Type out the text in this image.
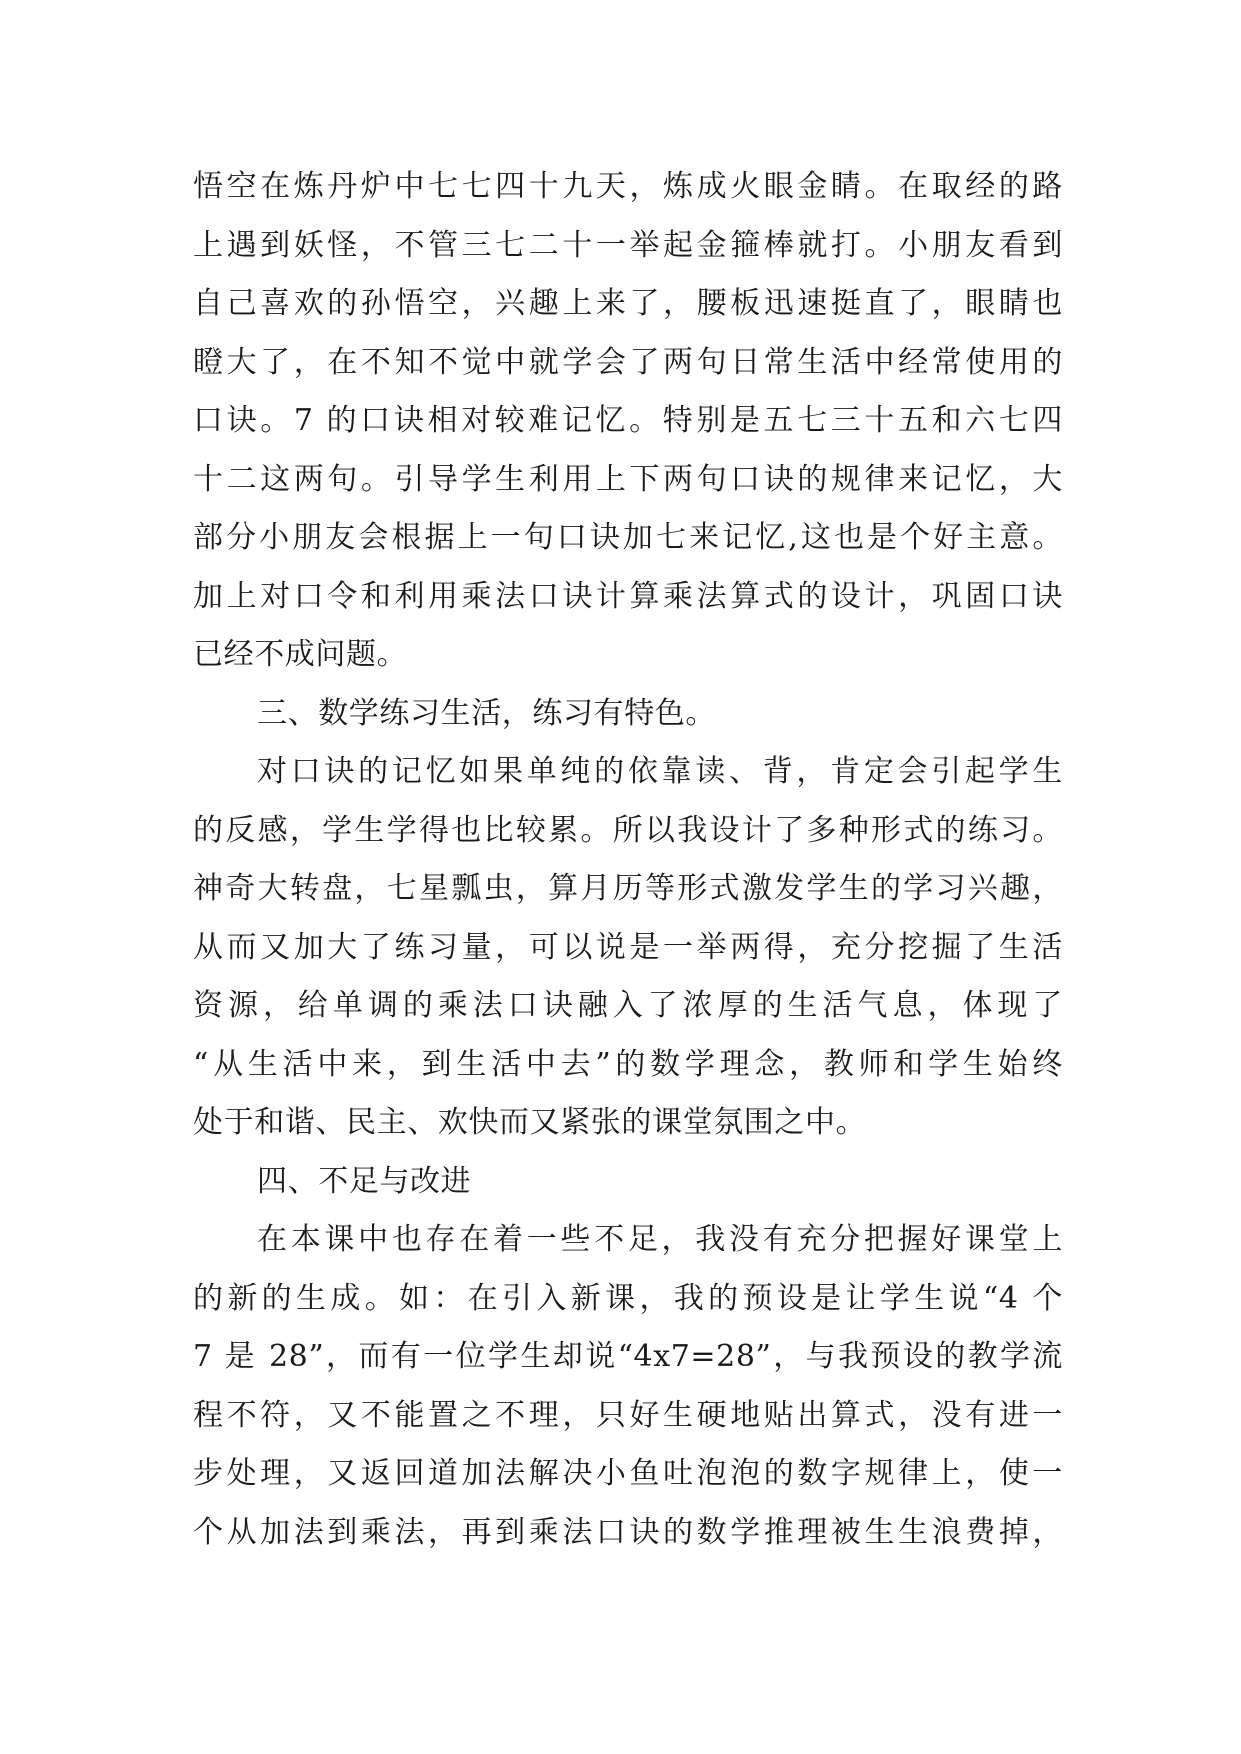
悟空在炼丹炉中七七四十九天，炼成火眼金睛。在取经的路
上遇到妖怪，不管三七二十一举起金箍棒就打。小朋友看到
自己喜欢的孙悟空，兴趣上来了，腰板迅速挺直了，眼睛也
瞪大了，在不知不觉中就学会了两句日常生活中经常使用的
口诀。7 的口诀相对较难记忆。特别是五七三十五和六七四
十二这两句。引导学生利用上下两句口诀的规律来记忆，大
部分小朋友会根据上一句口诀加七来记忆,这也是个好主意。
加上对口令和利用乘法口诀计算乘法算式的设计，巩固口诀
已经不成问题。
三、数学练习生活，练习有特色。
对口诀的记忆如果单纯的依靠读、背，肯定会引起学生
的反感，学生学得也比较累。所以我设计了多种形式的练习。
神奇大转盘，七星瓢虫，算月历等形式激发学生的学习兴趣，
从而又加大了练习量，可以说是一举两得，充分挖掘了生活
资源，给单调的乘法口诀融入了浓厚的生活气息，体现了
“从生活中来，到生活中去”的数学理念，教师和学生始终
处于和谐、民主、欢快而又紧张的课堂氛围之中。
四、不足与改进
在本课中也存在着一些不足，我没有充分把握好课堂上
的新的生成。如：在引入新课，我的预设是让学生说“4 个
7 是 28”，而有一位学生却说“4x7=28”，与我预设的教学流
程不符，又不能置之不理，只好生硬地贴出算式，没有进一
步处理，又返回道加法解决小鱼吐泡泡的数字规律上，使一
个从加法到乘法，再到乘法口诀的数学推理被生生浪费掉，
